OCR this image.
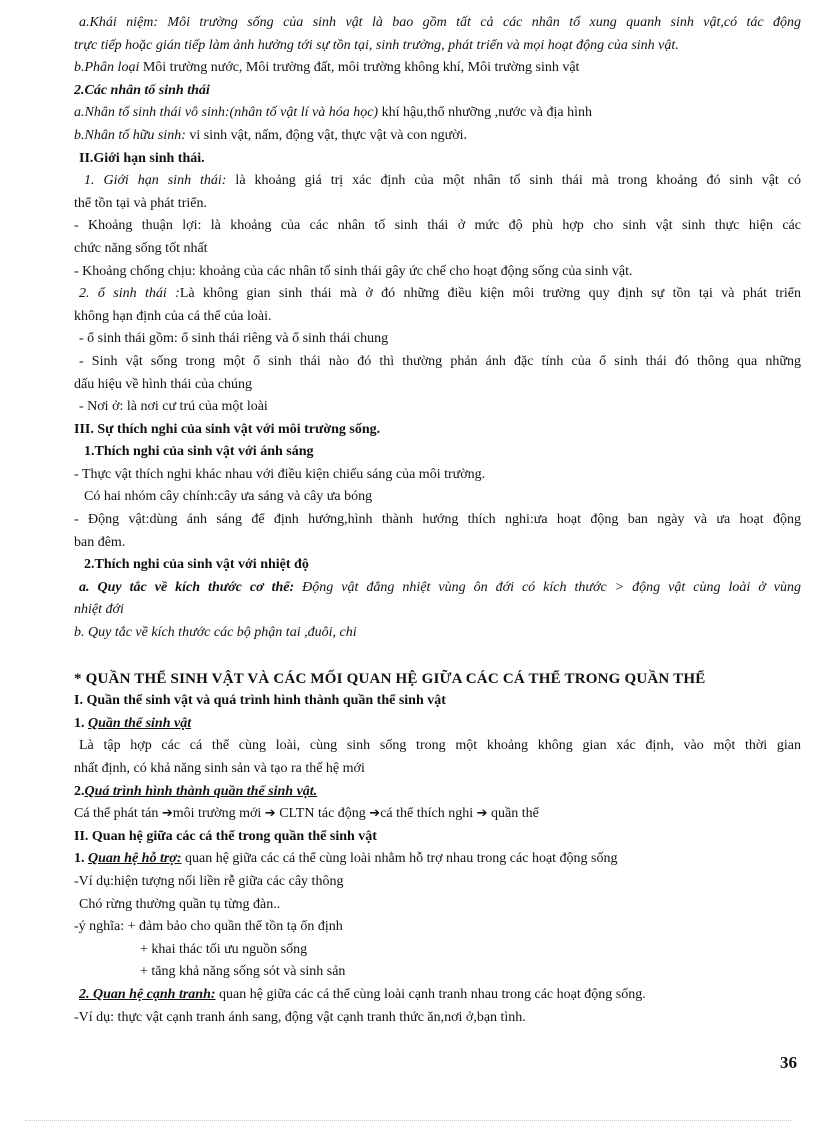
a.Khái niệm: Môi trường sống của sinh vật là bao gồm tất cả các nhân tố xung quanh sinh vật,có tác động
trực tiếp hoặc gián tiếp làm ảnh hưởng tới sự tồn tại, sinh trưởng, phát triển và mọi hoạt động của sinh vật.
b.Phân loại Môi trường nước, Môi trường đất, môi trường không khí, Môi trường sinh vật
2.Các nhân tố sinh thái
a.Nhân tố sinh thái vô sinh:(nhân tố vật lí và hóa học) khí hậu,thổ nhưỡng ,nước và địa hình
b.Nhân tố hữu sinh: vi sinh vật, nấm, động vật, thực vật và con người.
II.Giới hạn sinh thái.
1. Giới hạn sinh thái: là khoảng giá trị xác định của một nhân tố sinh thái mà trong khoảng đó sinh vật có
thể tồn tại và phát triển.
- Khoảng thuận lợi: là khoảng của các nhân tố sinh thái ở mức độ phù hợp cho sinh vật sinh thực hiện các
chức năng sống tốt nhất
- Khoảng chống chịu: khoảng của các nhân tố sinh thái gây ức chế cho hoạt động sống của sinh vật.
2. ổ sinh thái :Là không gian sinh thái mà ở đó những điều kiện môi trường quy định sự tồn tại và phát triển
không hạn định của cá thể của loài.
- ổ sinh thái gồm: ổ sinh thái riêng và ổ sinh thái chung
- Sinh vật sống trong một ổ sinh thái nào đó thì thường phản ánh đặc tính của ổ sinh thái đó thông qua những
dấu hiệu về hình thái của chúng
- Nơi ở: là nơi cư trú của một loài
III. Sự thích nghi của sinh vật với môi trường sống.
1.Thích nghi của sinh vật với ánh sáng
- Thực vật thích nghi khác nhau với điều kiện chiếu sáng của môi trường.
Có hai nhóm cây chính:cây ưa sáng và cây ưa bóng
- Động vật:dùng ánh sáng để định hướng,hình thành hướng thích nghi:ưa hoạt động ban ngày và ưa hoạt động
ban đêm.
2.Thích nghi của sinh vật với nhiệt độ
a. Quy tắc về kích thước cơ thể: Động vật đẳng nhiệt vùng ôn đới có kích thước > động vật cùng loài ở vùng
nhiệt đới
b. Quy tắc về kích thước các bộ phận tai ,đuôi, chi
* QUẦN THỂ SINH VẬT VÀ CÁC MỐI QUAN HỆ GIỮA CÁC CÁ THỂ TRONG QUẦN THỂ
I. Quần thể sinh vật và quá trình hình thành quần thể sinh vật
1. Quần thể sinh vật
Là tập hợp các cá thể cùng loài, cùng sinh sống trong một khoảng không gian xác định, vào một thời gian
nhất định, có khả năng sinh sản và tạo ra thế hệ mới
2.Quá trình hình thành quần thể sinh vật.
Cá thể phát tán ➔môi trường mới ➔ CLTN tác động ➔cá thể thích nghi ➔ quần thể
II. Quan hệ giữa các cá thể trong quần thể sinh vật
1. Quan hệ hỗ trợ: quan hệ giữa các cá thể cùng loài nhằm hỗ trợ nhau trong các hoạt động sống
-Ví dụ:hiện tượng nối liền rễ giữa các cây thông
Chó rừng thường quần tụ từng đàn..
-ý nghĩa: + đảm bảo cho quần thể tồn tạ ổn định
+ khai thác tối ưu nguồn sống
+ tăng khả năng sống sót và sinh sản
2. Quan hệ cạnh tranh: quan hệ giữa các cá thể cùng loài cạnh tranh nhau trong các hoạt động sống.
-Ví dụ: thực vật cạnh tranh ánh sang, động vật cạnh tranh thức ăn,nơi ở,bạn tình.
36
